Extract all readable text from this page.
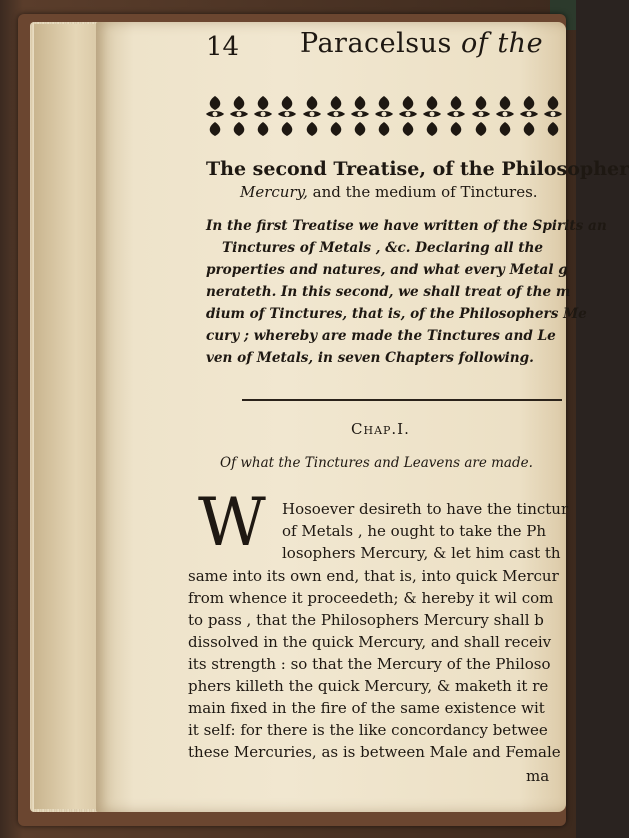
14 Paracelsus of the
The second Treatise, of the Philosopher
Mercury, and the medium of Tinctures.
In the first Treatise we have written of the Spirits an
Tinctures of Metals , &c. Declaring all the
properties and natures, and what every Metal g
nerateth. In this second, we shall treat of the m
dium of Tinctures, that is, of the Philosophers Me
cury ; whereby are made the Tinctures and Le
ven of Metals, in seven Chapters following.
Chap.I.
Of what the Tinctures and Leavens are made.
W Hosoever desireth to have the tinctur
of Metals , he ought to take the Ph
losophers Mercury, & let him cast th
same into its own end, that is, into quick Mercur
from whence it proceedeth; & hereby it wil com
to pass , that the Philosophers Mercury shall b
dissolved in the quick Mercury, and shall receiv
its strength : so that the Mercury of the Philoso
phers killeth the quick Mercury, & maketh it re
main fixed in the fire of the same existence wit
it self: for there is the like concordancy betwee
these Mercuries, as is between Male and Female
ma
